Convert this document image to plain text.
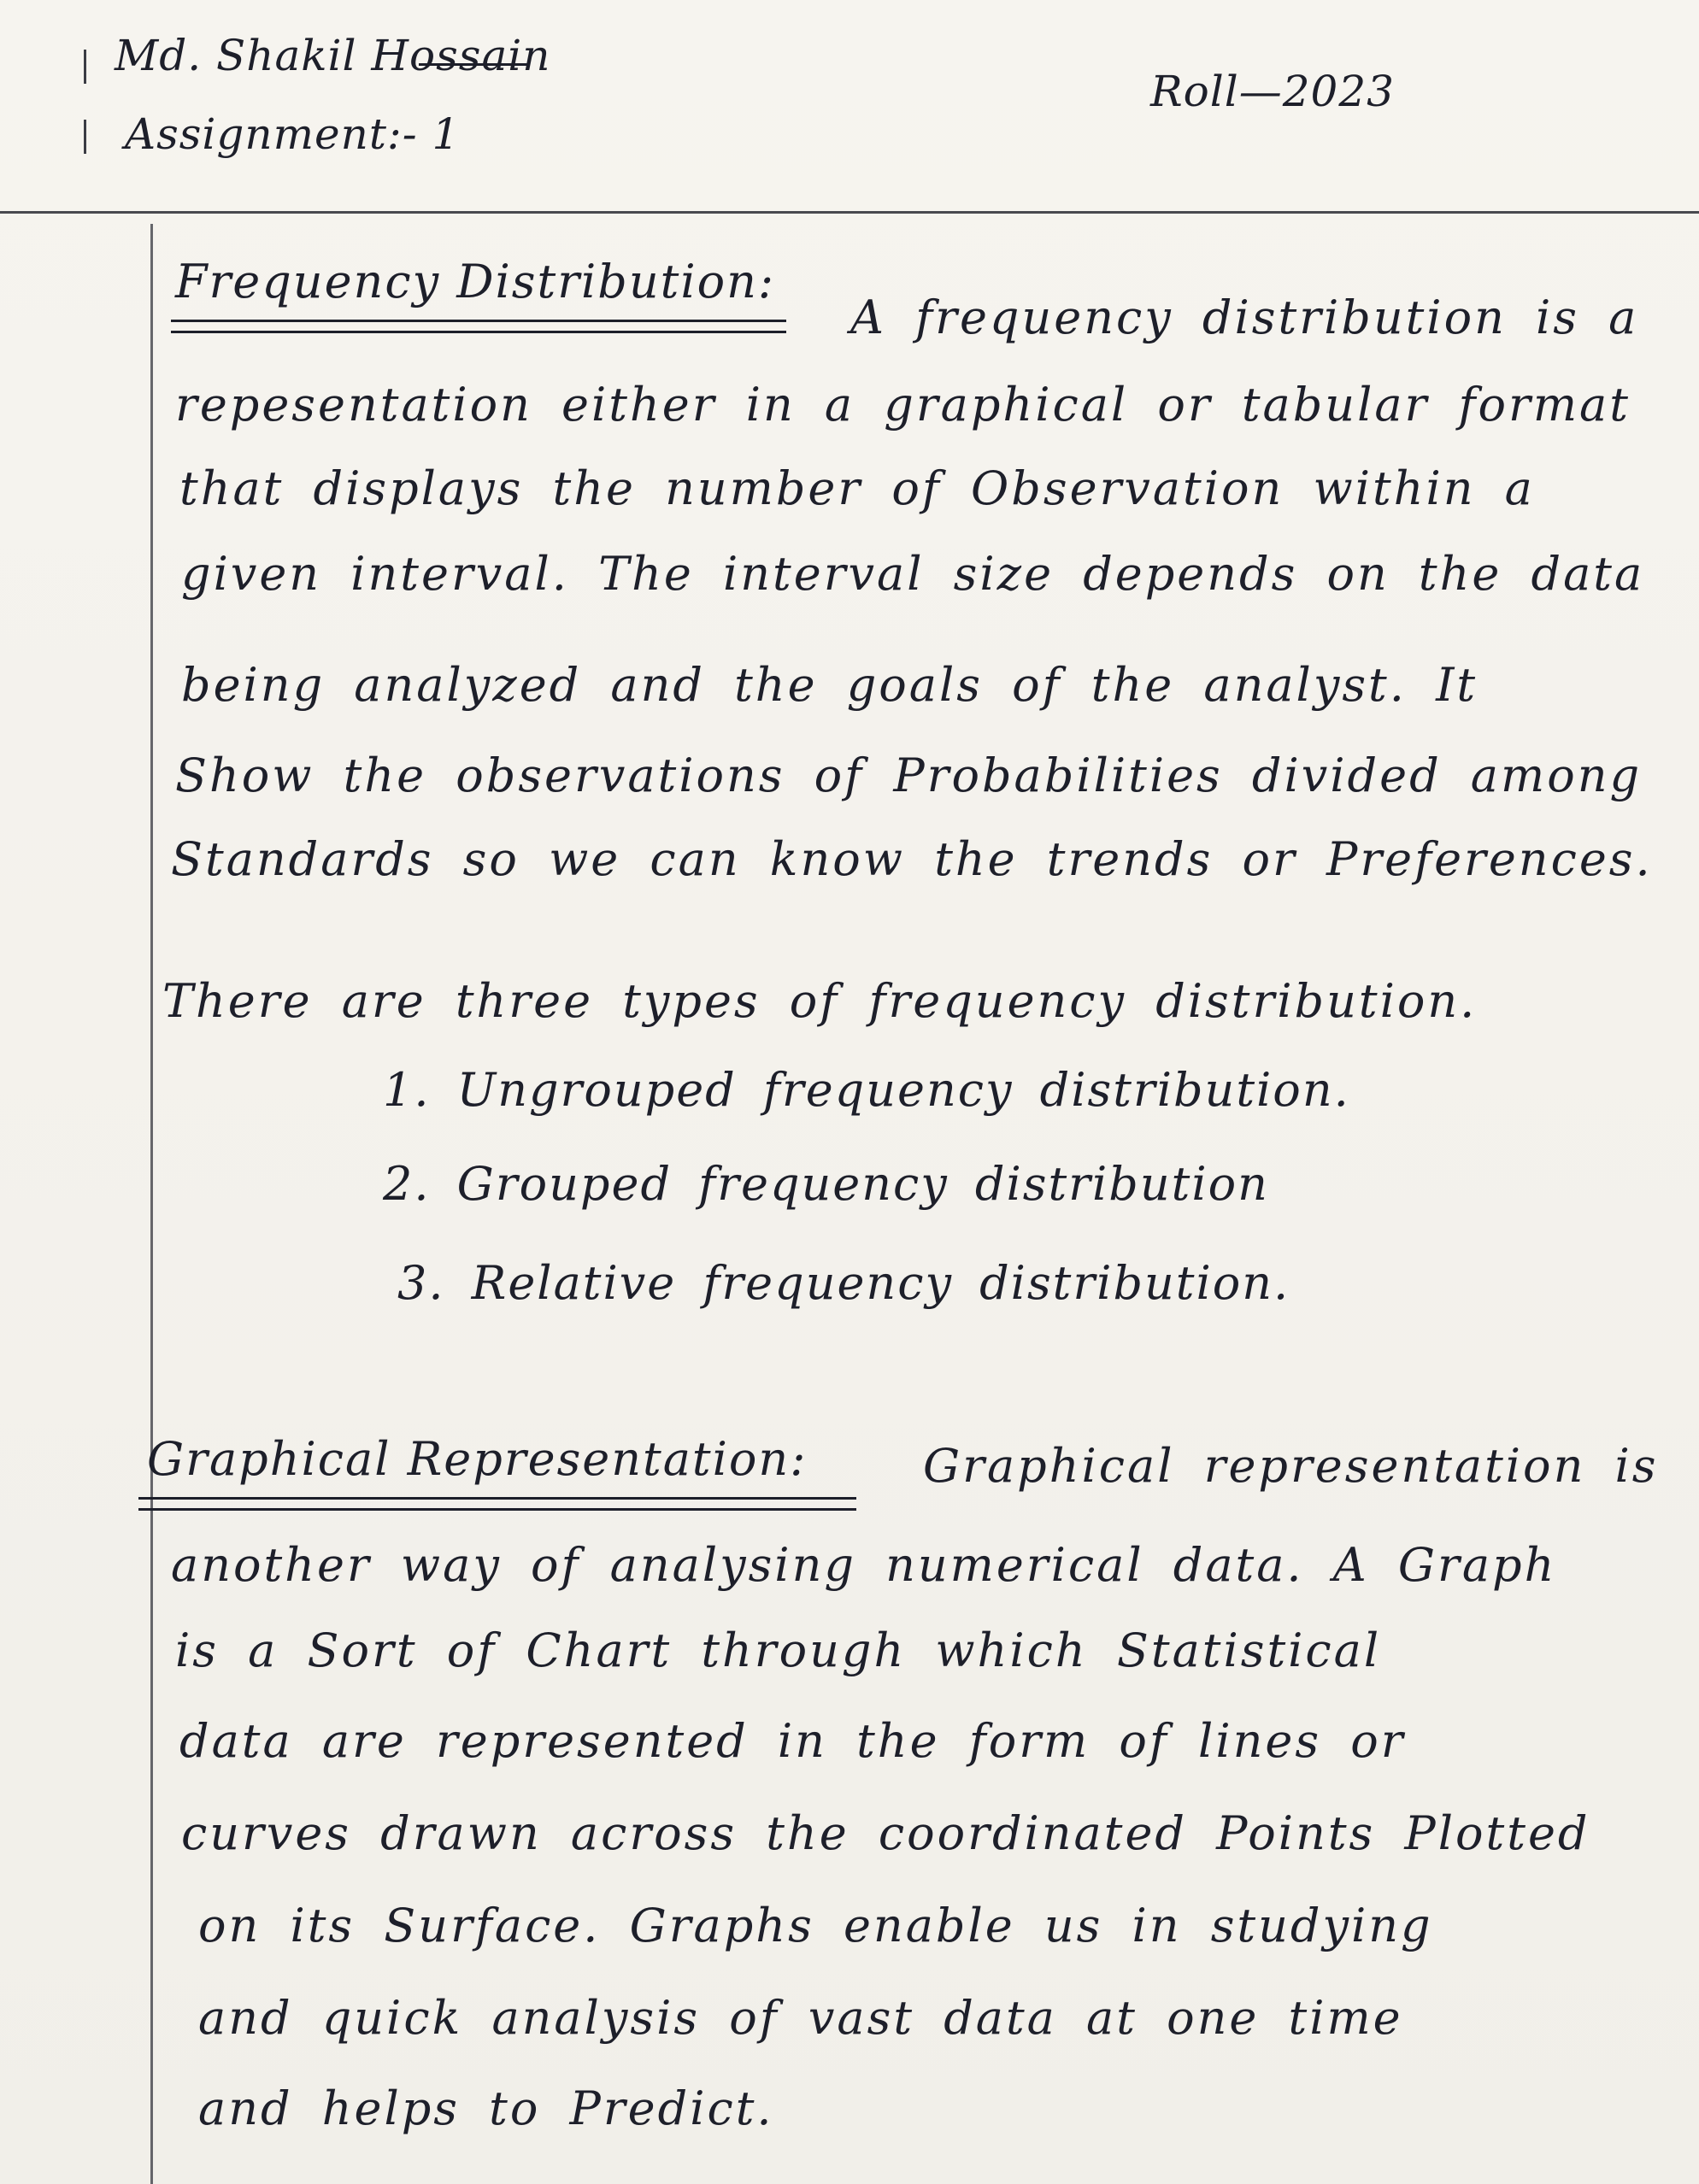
Md. Shakil Hossain
Assignment:- 1
Roll—2023
Frequency Distribution:
A frequency distribution is a
repesentation either in a graphical or tabular format
that displays the number of Observation within a
given interval. The interval size depends on the data
being analyzed and the goals of the analyst. It
Show the observations of Probabilities divided among
Standards so we can know the trends or Preferences.
There are three types of frequency distribution.
1. Ungrouped frequency distribution.
2. Grouped frequency distribution
3. Relative frequency distribution.
Graphical Representation:	Graphical representation is
another way of analysing numerical data. A Graph
is a Sort of Chart through which Statistical
data are represented in the form of lines or
curves drawn across the coordinated Points Plotted
on its Surface. Graphs enable us in studying
and quick analysis of vast data at one time
and helps to Predict.
